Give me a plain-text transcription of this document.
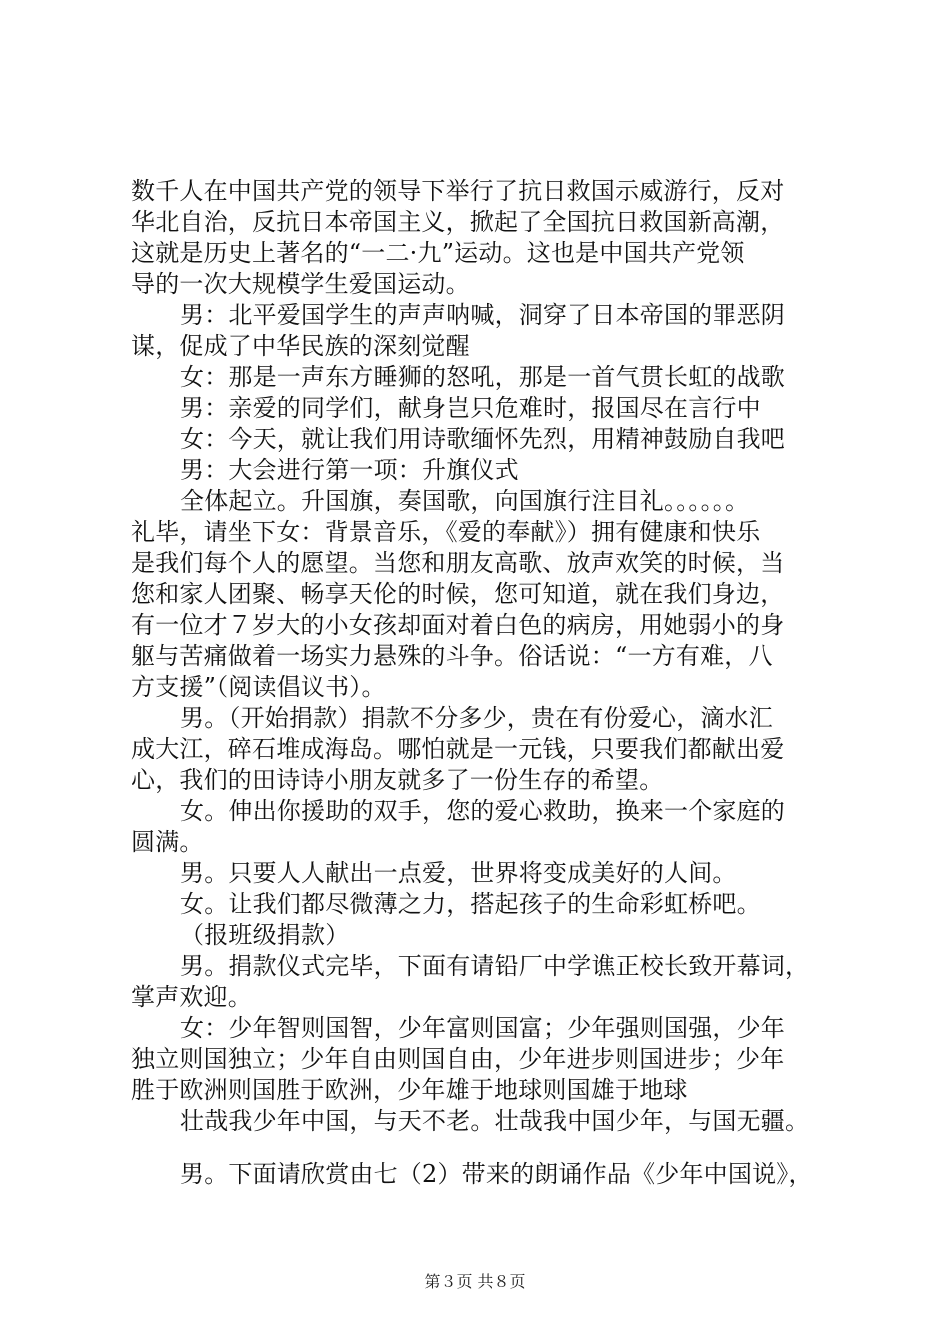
数千人在中国共产党的领导下举行了抗日救国示威游行，反对
华北自治，反抗日本帝国主义，掀起了全国抗日救国新高潮，
这就是历史上著名的“一二·九”运动。这也是中国共产党领
导的一次大规模学生爱国运动。
男：北平爱国学生的声声呐喊，洞穿了日本帝国的罪恶阴
谋，促成了中华民族的深刻觉醒
女：那是一声东方睡狮的怒吼，那是一首气贯长虹的战歌
男：亲爱的同学们，献身岂只危难时，报国尽在言行中
女：今天，就让我们用诗歌缅怀先烈，用精神鼓励自我吧
男：大会进行第一项：升旗仪式
全体起立。升国旗，奏国歌，向国旗行注目礼。。。。。。
礼毕，请坐下女：背景音乐，《爱的奉献》）拥有健康和快乐
是我们每个人的愿望。当您和朋友高歌、放声欢笑的时候，当
您和家人团聚、畅享天伦的时候，您可知道，就在我们身边，
有一位才７岁大的小女孩却面对着白色的病房，用她弱小的身
躯与苦痛做着一场实力悬殊的斗争。俗话说：“一方有难，八
方支援”（阅读倡议书）。
男。（开始捐款）捐款不分多少，贵在有份爱心，滴水汇
成大江，碎石堆成海岛。哪怕就是一元钱，只要我们都献出爱
心，我们的田诗诗小朋友就多了一份生存的希望。
女。伸出你援助的双手，您的爱心救助，换来一个家庭的
圆满。
男。只要人人献出一点爱，世界将变成美好的人间。
女。让我们都尽微薄之力，搭起孩子的生命彩虹桥吧。
（报班级捐款）
男。捐款仪式完毕，下面有请铅厂中学谯正校长致开幕词，
掌声欢迎。
女：少年智则国智，少年富则国富；少年强则国强，少年
独立则国独立；少年自由则国自由，少年进步则国进步；少年
胜于欧洲则国胜于欧洲，少年雄于地球则国雄于地球
壮哉我少年中国，与天不老。壮哉我中国少年，与国无疆。
男。下面请欣赏由七（2）带来的朗诵作品《少年中国说》，
第３页 共８页
